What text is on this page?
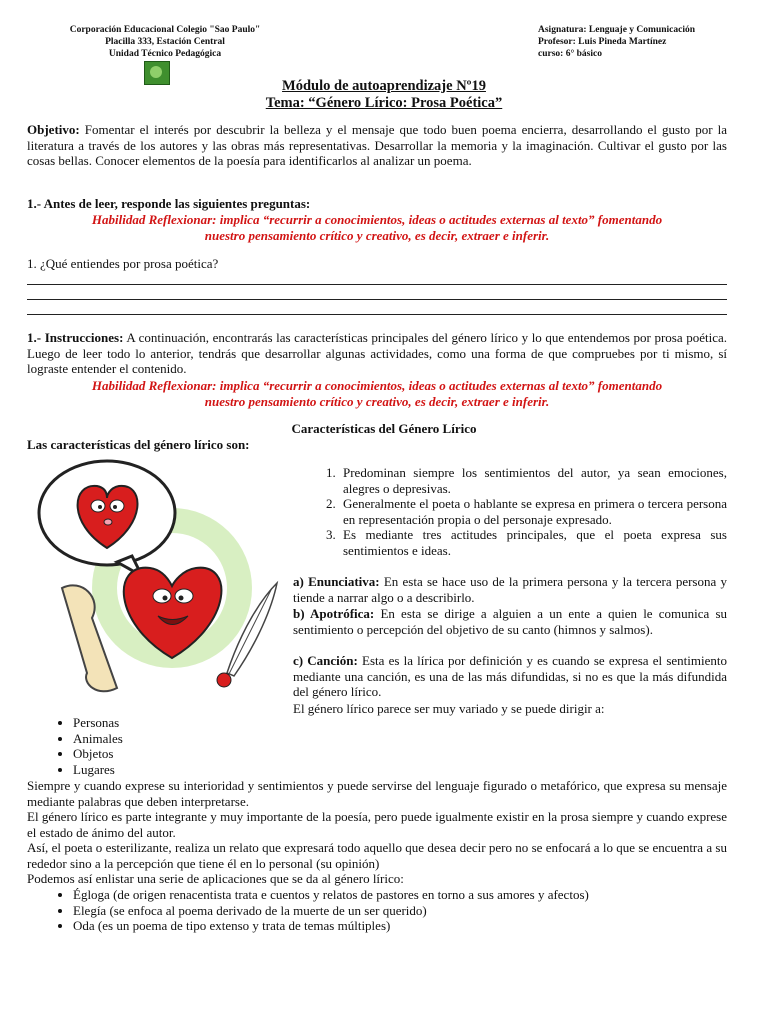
Corporación Educacional Colegio "Sao Paulo"
Placilla 333, Estación Central
Unidad Técnico Pedagógica
Asignatura: Lenguaje y Comunicación
Profesor: Luis Pineda Martínez
curso: 6° básico
Módulo de autoaprendizaje Nº19
Tema: “Género Lírico: Prosa Poética”
Objetivo: Fomentar el interés por descubrir la belleza y el mensaje que todo buen poema encierra, desarrollando el gusto por la literatura a través de los autores y las obras más representativas. Desarrollar la memoria y la imaginación. Cultivar el gusto por las cosas bellas. Conocer elementos de la poesía para identificarlos al analizar un poema.
1.- Antes de leer, responde las siguientes preguntas:
Habilidad Reflexionar: implica “recurrir a conocimientos, ideas o actitudes externas al texto” fomentando
nuestro pensamiento crítico y creativo, es decir, extraer e inferir.
1. ¿Qué entiendes por prosa poética?
1.- Instrucciones: A continuación, encontrarás las características principales del género lírico y lo que entendemos por prosa poética. Luego de leer todo lo anterior, tendrás que desarrollar algunas actividades, como una forma de que compruebes por ti mismo, sí lograste entender el contenido.
Habilidad Reflexionar: implica “recurrir a conocimientos, ideas o actitudes externas al texto” fomentando
nuestro pensamiento crítico y creativo, es decir, extraer e inferir.
Características del Género Lírico
Las características del género lírico son:
1. Predominan siempre los sentimientos del autor, ya sean emociones, alegres o depresivas.
2. Generalmente el poeta o hablante se expresa en primera o tercera persona en representación propia o del personaje expresado.
3. Es mediante tres actitudes principales, que el poeta expresa sus sentimientos e ideas.
a) Enunciativa: En esta se hace uso de la primera persona y la tercera persona y tiende a narrar algo o a describirlo.
b) Apotrófica: En esta se dirige a alguien a un ente a quien le comunica su sentimiento o percepción del objetivo de su canto (himnos y salmos).
c) Canción: Esta es la lírica por definición y es cuando se expresa el sentimiento mediante una canción, es una de las más difundidas, si no es que la más difundida del género lírico.
El género lírico parece ser muy variado y se puede dirigir a:
• Personas
• Animales
• Objetos
• Lugares
Siempre y cuando exprese su interioridad y sentimientos y puede servirse del lenguaje figurado o metafórico, que expresa su mensaje mediante palabras que deben interpretarse.
El género lírico es parte integrante y muy importante de la poesía, pero puede igualmente existir en la prosa siempre y cuando exprese el estado de ánimo del autor.
Así, el poeta o esterilizante, realiza un relato que expresará todo aquello que desea decir pero no se enfocará a lo que se encuentra a su rededor sino a la percepción que tiene él en lo personal (su opinión)
Podemos así enlistar una serie de aplicaciones que se da al género lírico:
• Égloga (de origen renacentista trata e cuentos y relatos de pastores en torno a sus amores y afectos)
• Elegía (se enfoca al poema derivado de la muerte de un ser querido)
• Oda (es un poema de tipo extenso y trata de temas múltiples)
